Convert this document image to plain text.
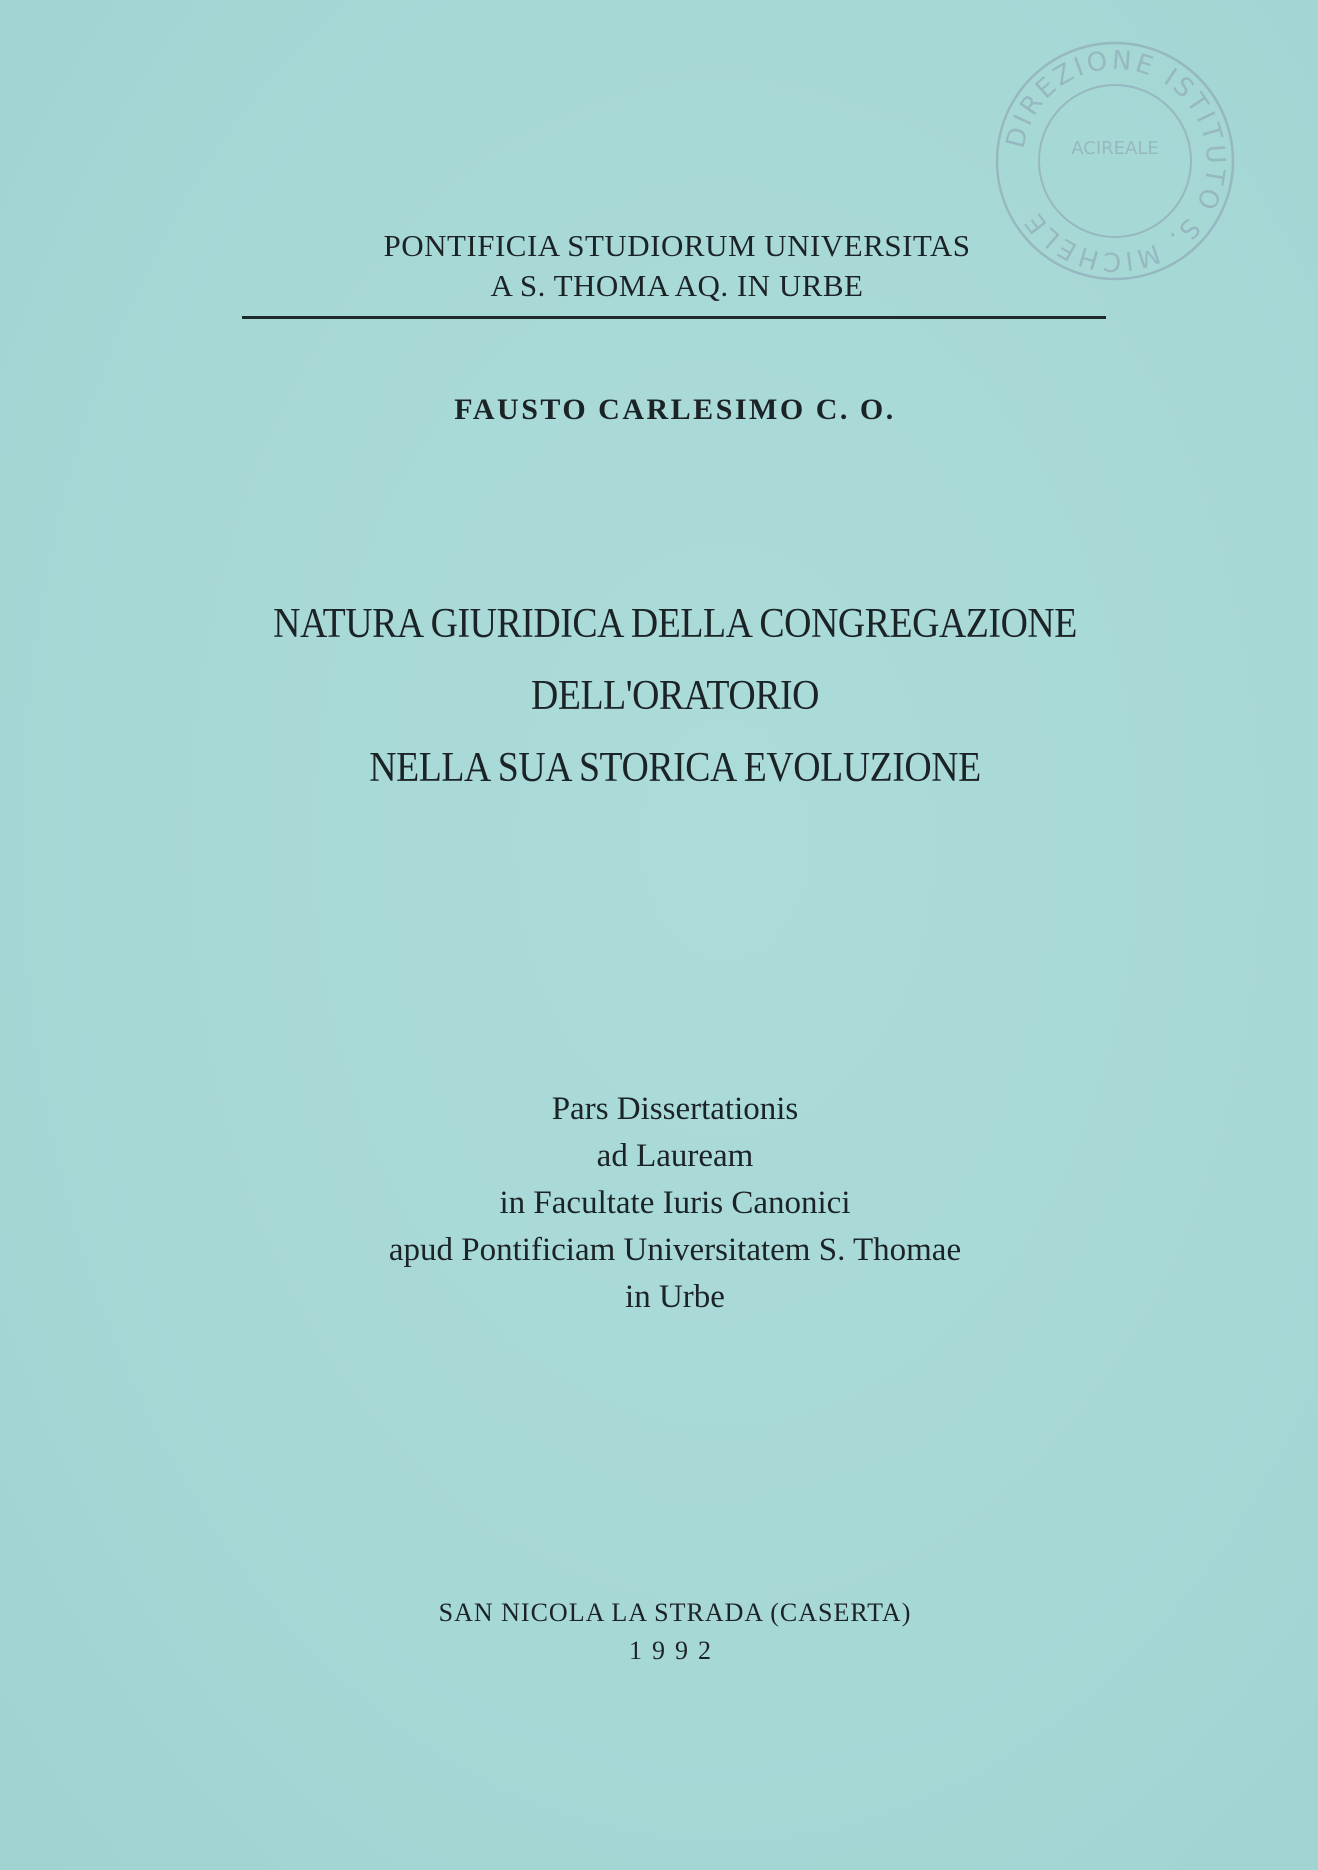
DIREZIONE ISTITUTO S. MICHELE
ACIREALE
PONTIFICIA STUDIORUM UNIVERSITAS
A S. THOMA AQ. IN URBE
FAUSTO CARLESIMO C. O.
NATURA GIURIDICA DELLA CONGREGAZIONE
DELL'ORATORIO
NELLA SUA STORICA EVOLUZIONE
Pars Dissertationis
ad Lauream
in Facultate Iuris Canonici
apud Pontificiam Universitatem S. Thomae
in Urbe
SAN NICOLA LA STRADA (CASERTA)
1992
